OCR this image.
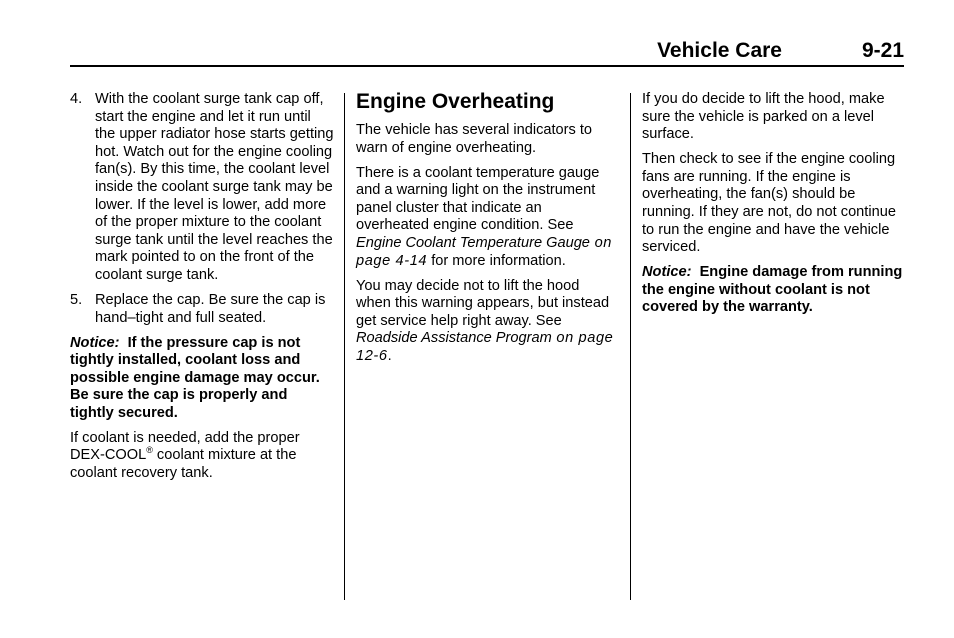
Vehicle Care	9-21
4. With the coolant surge tank cap off, start the engine and let it run until the upper radiator hose starts getting hot. Watch out for the engine cooling fan(s). By this time, the coolant level inside the coolant surge tank may be lower. If the level is lower, add more of the proper mixture to the coolant surge tank until the level reaches the mark pointed to on the front of the coolant surge tank.
5. Replace the cap. Be sure the cap is hand–tight and full seated.

Notice: If the pressure cap is not tightly installed, coolant loss and possible engine damage may occur. Be sure the cap is properly and tightly secured.

If coolant is needed, add the proper DEX-COOL® coolant mixture at the coolant recovery tank.

Engine Overheating

The vehicle has several indicators to warn of engine overheating.

There is a coolant temperature gauge and a warning light on the instrument panel cluster that indicate an overheated engine condition. See Engine Coolant Temperature Gauge on page 4-14 for more information.

You may decide not to lift the hood when this warning appears, but instead get service help right away. See Roadside Assistance Program on page 12-6.

If you do decide to lift the hood, make sure the vehicle is parked on a level surface.

Then check to see if the engine cooling fans are running. If the engine is overheating, the fan(s) should be running. If they are not, do not continue to run the engine and have the vehicle serviced.

Notice: Engine damage from running the engine without coolant is not covered by the warranty.
